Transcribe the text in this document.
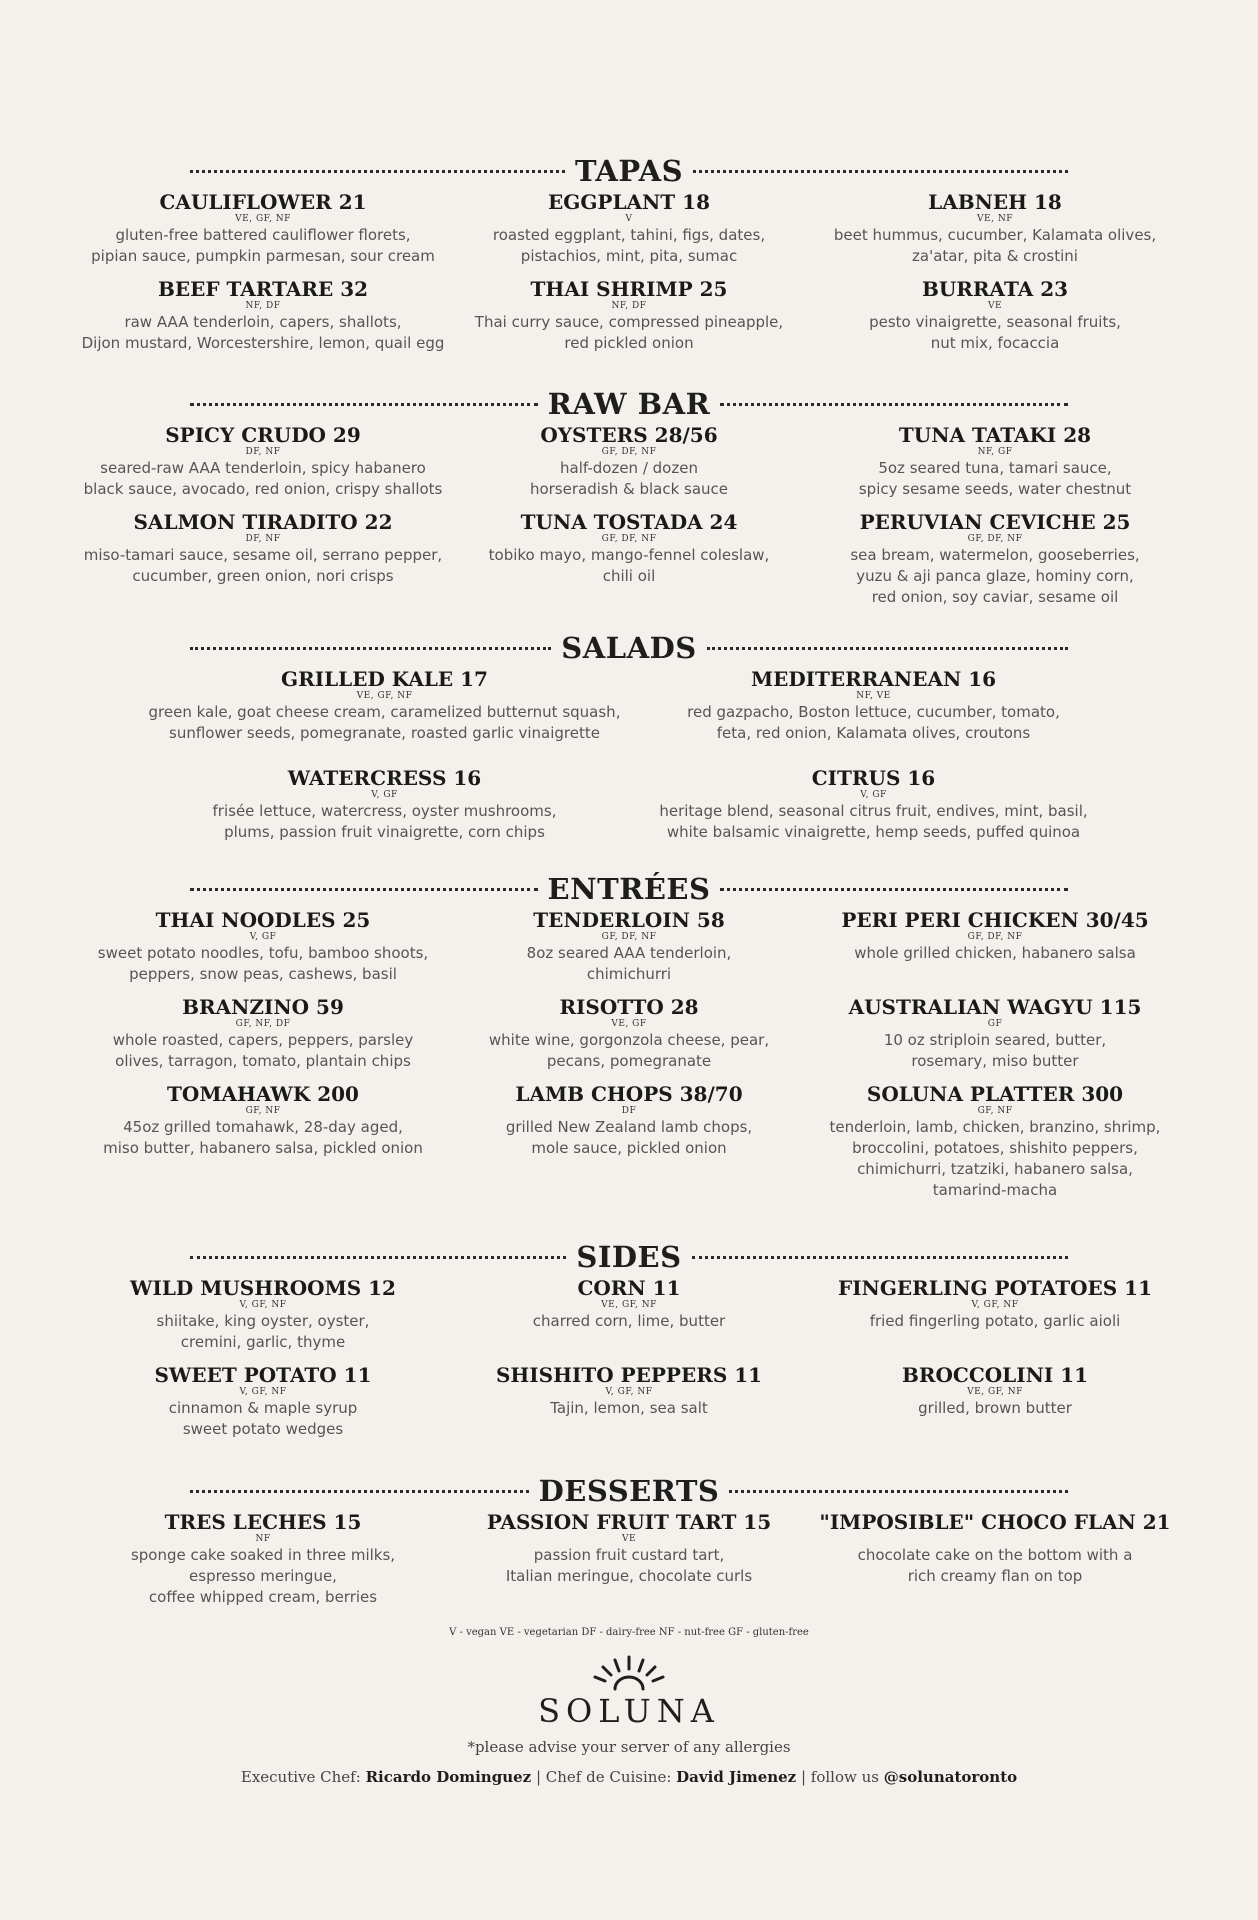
TAPAS
CAULIFLOWER 21
VE, GF, NF
gluten-free battered cauliflower florets,
pipian sauce, pumpkin parmesan, sour cream
EGGPLANT 18
V
roasted eggplant, tahini, figs, dates,
pistachios, mint, pita, sumac
LABNEH 18
VE, NF
beet hummus, cucumber, Kalamata olives,
za'atar, pita & crostini
BEEF TARTARE 32
NF, DF
raw AAA tenderloin, capers, shallots,
Dijon mustard, Worcestershire, lemon, quail egg
THAI SHRIMP 25
NF, DF
Thai curry sauce, compressed pineapple,
red pickled onion
BURRATA 23
VE
pesto vinaigrette, seasonal fruits,
nut mix, focaccia
RAW BAR
SPICY CRUDO 29
DF, NF
seared-raw AAA tenderloin, spicy habanero
black sauce, avocado, red onion, crispy shallots
OYSTERS 28/56
GF, DF, NF
half-dozen / dozen
horseradish & black sauce
TUNA TATAKI 28
NF, GF
5oz seared tuna, tamari sauce,
spicy sesame seeds, water chestnut
SALMON TIRADITO 22
DF, NF
miso-tamari sauce, sesame oil, serrano pepper,
cucumber, green onion, nori crisps
TUNA TOSTADA 24
GF, DF, NF
tobiko mayo, mango-fennel coleslaw,
chili oil
PERUVIAN CEVICHE 25
GF, DF, NF
sea bream, watermelon, gooseberries,
yuzu & aji panca glaze, hominy corn,
red onion, soy caviar, sesame oil
SALADS
GRILLED KALE 17
VE, GF, NF
green kale, goat cheese cream, caramelized butternut squash,
sunflower seeds, pomegranate, roasted garlic vinaigrette
MEDITERRANEAN 16
NF, VE
red gazpacho, Boston lettuce, cucumber, tomato,
feta, red onion, Kalamata olives, croutons
WATERCRESS 16
V, GF
frisée lettuce, watercress, oyster mushrooms,
plums, passion fruit vinaigrette, corn chips
CITRUS 16
V, GF
heritage blend, seasonal citrus fruit, endives, mint, basil,
white balsamic vinaigrette, hemp seeds, puffed quinoa
ENTRÉES
THAI NOODLES 25
V, GF
sweet potato noodles, tofu, bamboo shoots,
peppers, snow peas, cashews, basil
TENDERLOIN 58
GF, DF, NF
8oz seared AAA tenderloin,
chimichurri
PERI PERI CHICKEN 30/45
GF, DF, NF
whole grilled chicken, habanero salsa
BRANZINO 59
GF, NF, DF
whole roasted, capers, peppers, parsley
olives, tarragon, tomato, plantain chips
RISOTTO 28
VE, GF
white wine, gorgonzola cheese, pear,
pecans, pomegranate
AUSTRALIAN WAGYU 115
GF
10 oz striploin seared, butter,
rosemary, miso butter
TOMAHAWK 200
GF, NF
45oz grilled tomahawk, 28-day aged,
miso butter, habanero salsa, pickled onion
LAMB CHOPS 38/70
DF
grilled New Zealand lamb chops,
mole sauce, pickled onion
SOLUNA PLATTER 300
GF, NF
tenderloin, lamb, chicken, branzino, shrimp,
broccolini, potatoes, shishito peppers,
chimichurri, tzatziki, habanero salsa,
tamarind-macha
SIDES
WILD MUSHROOMS 12
V, GF, NF
shiitake, king oyster, oyster,
cremini, garlic, thyme
CORN 11
VE, GF, NF
charred corn, lime, butter
FINGERLING POTATOES 11
V, GF, NF
fried fingerling potato, garlic aioli
SWEET POTATO 11
V, GF, NF
cinnamon & maple syrup
sweet potato wedges
SHISHITO PEPPERS 11
V, GF, NF
Tajin, lemon, sea salt
BROCCOLINI 11
VE, GF, NF
grilled, brown butter
DESSERTS
TRES LECHES 15
NF
sponge cake soaked in three milks,
espresso meringue,
coffee whipped cream, berries
PASSION FRUIT TART 15
VE
passion fruit custard tart,
Italian meringue, chocolate curls
"IMPOSIBLE" CHOCO FLAN 21
chocolate cake on the bottom with a
rich creamy flan on top
V - vegan VE - vegetarian DF - dairy-free NF - nut-free GF - gluten-free
SOLUNA
*please advise your server of any allergies
Executive Chef: Ricardo Dominguez | Chef de Cuisine: David Jimenez | follow us @solunatoronto
